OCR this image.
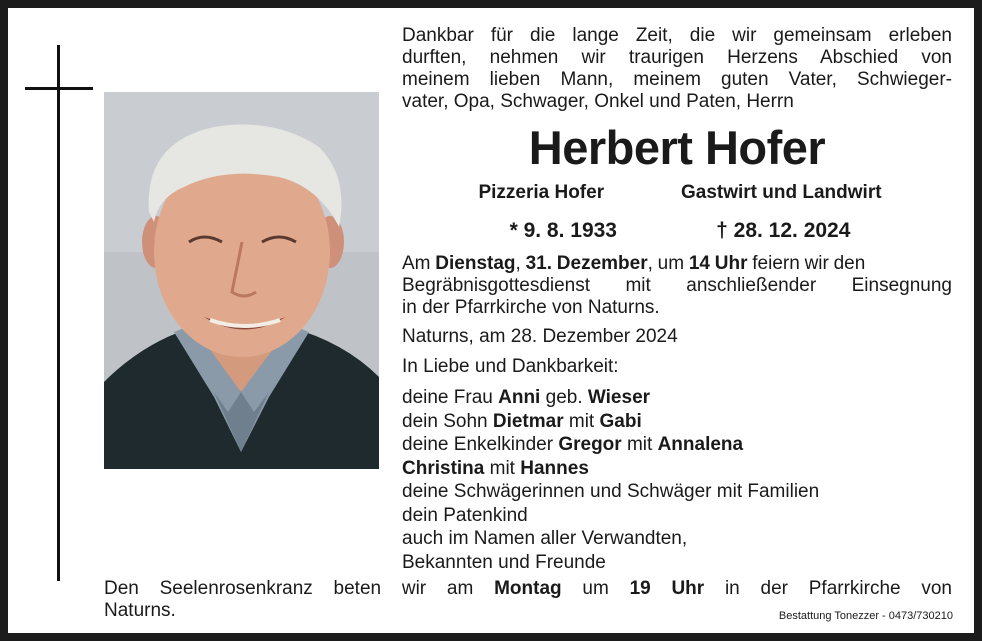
Dankbar für die lange Zeit, die wir gemeinsam erleben
durften, nehmen wir traurigen Herzens Abschied von
meinem lieben Mann, meinem guten Vater, Schwieger-
vater, Opa, Schwager, Onkel und Paten, Herrn
Herbert Hofer
Pizzeria Hofer	Gastwirt und Landwirt
* 9. 8. 1933	† 28. 12. 2024
Am Dienstag, 31. Dezember, um 14 Uhr feiern wir den
Begräbnisgottesdienst mit anschließender Einsegnung
in der Pfarrkirche von Naturns.
Naturns, am 28. Dezember 2024
In Liebe und Dankbarkeit:
deine Frau Anni geb. Wieser
dein Sohn Dietmar mit Gabi
deine Enkelkinder Gregor mit Annalena
Christina mit Hannes
deine Schwägerinnen und Schwäger mit Familien
dein Patenkind
auch im Namen aller Verwandten,
Bekannten und Freunde
Den Seelenrosenkranz beten wir am Montag um 19 Uhr in der Pfarrkirche von
Naturns.	Bestattung Tonezzer - 0473/730210
